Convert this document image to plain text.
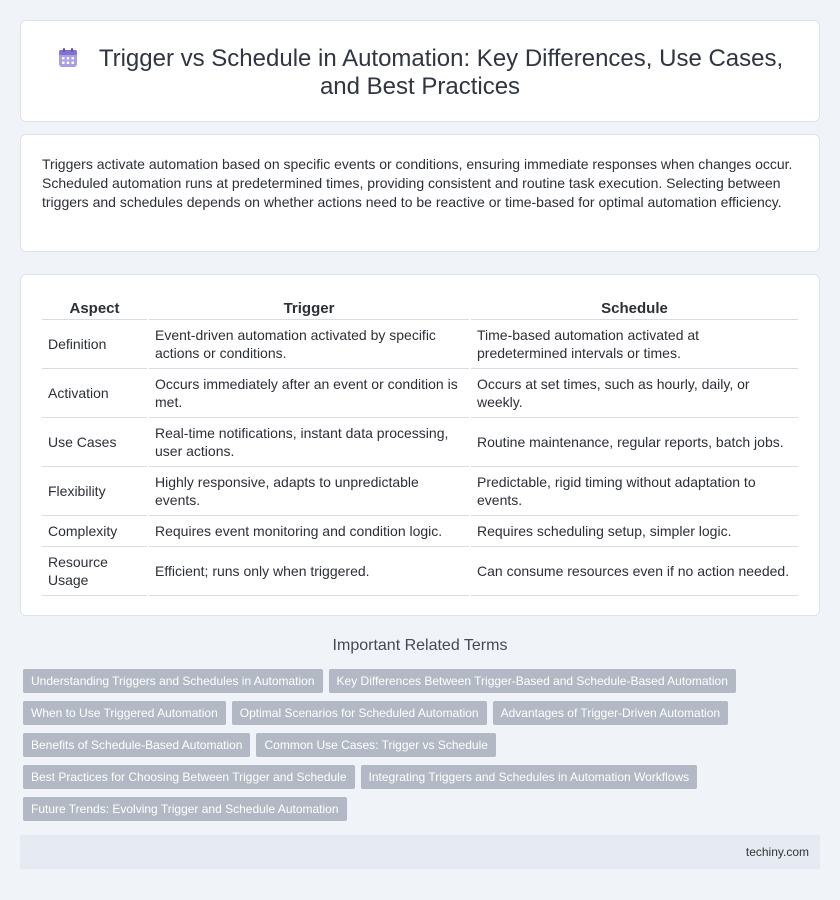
Trigger vs Schedule in Automation: Key Differences, Use Cases,
and Best Practices

Triggers activate automation based on specific events or conditions, ensuring immediate responses when changes occur. Scheduled automation runs at predetermined times, providing consistent and routine task execution. Selecting between triggers and schedules depends on whether actions need to be reactive or time-based for optimal automation efficiency.

Aspect	Trigger	Schedule
Definition	Event-driven automation activated by specific actions or conditions.	Time-based automation activated at predetermined intervals or times.
Activation	Occurs immediately after an event or condition is met.	Occurs at set times, such as hourly, daily, or weekly.
Use Cases	Real-time notifications, instant data processing, user actions.	Routine maintenance, regular reports, batch jobs.
Flexibility	Highly responsive, adapts to unpredictable events.	Predictable, rigid timing without adaptation to events.
Complexity	Requires event monitoring and condition logic.	Requires scheduling setup, simpler logic.
Resource Usage	Efficient; runs only when triggered.	Can consume resources even if no action needed.
Important Related Terms
Understanding Triggers and Schedules in Automation Key Differences Between Trigger-Based and Schedule-Based Automation
When to Use Triggered Automation Optimal Scenarios for Scheduled Automation Advantages of Trigger-Driven Automation
Benefits of Schedule-Based Automation Common Use Cases: Trigger vs Schedule
Best Practices for Choosing Between Trigger and Schedule Integrating Triggers and Schedules in Automation Workflows
Future Trends: Evolving Trigger and Schedule Automation
techiny.com
